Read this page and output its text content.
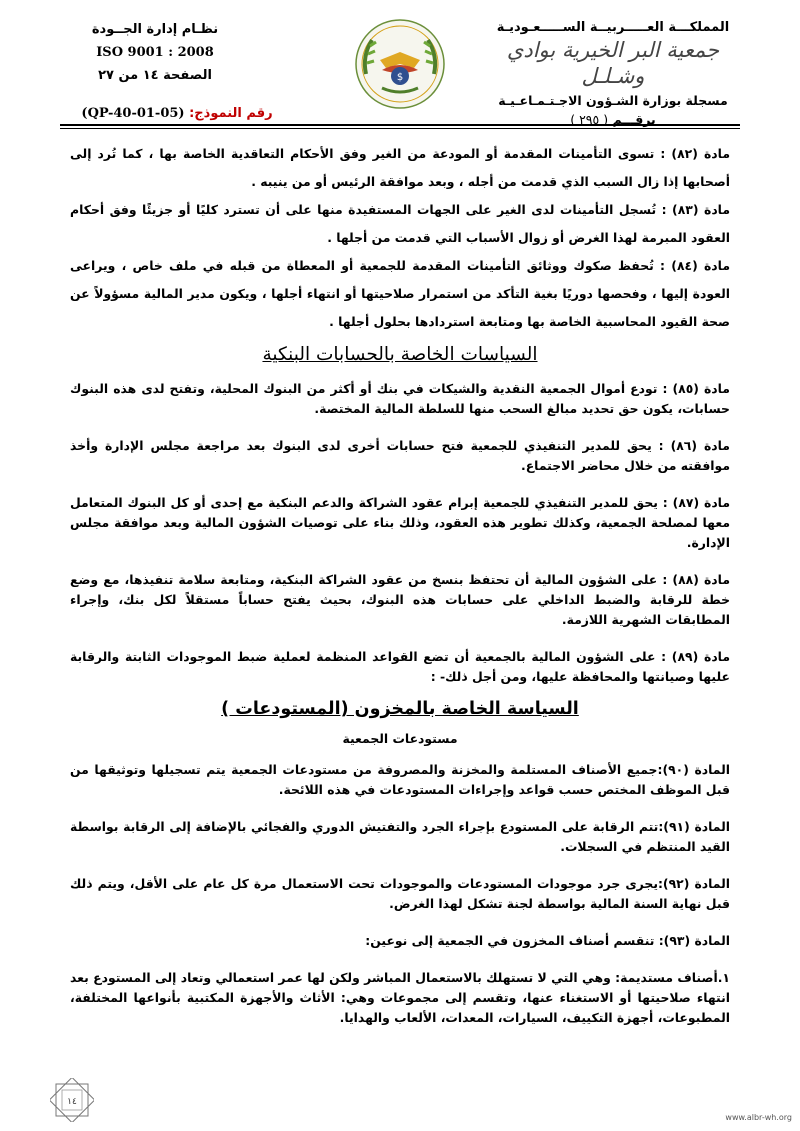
المملكـــة العـــــربيــة الســـــعـوديـة
جمعية البر الخيرية بوادي وشـلـل
مسجلة بوزارة الشـؤون الاجـتـمـاعـيـة
برقـــم ( ٢٩٥ )
$
نظـام إدارة الجــودة
ISO 9001 : 2008
الصفحة ١٤ من ٢٧
رقم النموذج: (QP-40-01-05)

مادة (٨٢) : تسوى التأمينات المقدمة أو المودعة من الغير وفق الأحكام التعاقدية الخاصة بها ، كما تُرد إلى أصحابها إذا زال السبب الذي قدمت من أجله ، وبعد موافقة الرئيس أو من ينيبه .

مادة (٨٣) : تُسجل التأمينات لدى الغير على الجهات المستفيدة منها على أن تسترد كليًا أو جزيئًا وفق أحكام العقود المبرمة لهذا الغرض أو زوال الأسباب التي قدمت من أجلها .

مادة (٨٤) : تُحفظ صكوك ووثائق التأمينات المقدمة للجمعية أو المعطاة من قبله في ملف خاص ، ويراعى العودة إليها ، وفحصها دوريًا بغية التأكد من استمرار صلاحيتها أو انتهاء أجلها ، ويكون مدير المالية مسؤولاً عن صحة القيود المحاسبية الخاصة بها ومتابعة استردادها بحلول أجلها .

السياسات الخاصة بالحسابات البنكية

مادة (٨٥) : تودع أموال الجمعية النقدية والشيكات في بنك أو أكثر من البنوك المحلية، وتفتح لدى هذه البنوك حسابات، يكون حق تحديد مبالغ السحب منها للسلطة المالية المختصة.

مادة (٨٦) : يحق للمدير التنفيذي للجمعية فتح حسابات أخرى لدى البنوك بعد مراجعة مجلس الإدارة وأخذ موافقته من خلال محاضر الاجتماع.

مادة (٨٧) : يحق للمدير التنفيذي للجمعية إبرام عقود الشراكة والدعم البنكية مع إحدى أو كل البنوك المتعامل معها لمصلحة الجمعية، وكذلك تطوير هذه العقود، وذلك بناء على توصيات الشؤون المالية وبعد موافقة مجلس الإدارة.

مادة (٨٨) : على الشؤون المالية أن تحتفظ بنسخ من عقود الشراكة البنكية، ومتابعة سلامة تنفيذها، مع وضع خطة للرقابة والضبط الداخلي على حسابات هذه البنوك، بحيث يفتح حساباً مستقلاً لكل بنك، وإجراء المطابقات الشهرية اللازمة.

مادة (٨٩) : على الشؤون المالية بالجمعية أن تضع القواعد المنظمة لعملية ضبط الموجودات الثابتة والرقابة عليها وصيانتها والمحافظة عليها، ومن أجل ذلك- :

السياسة الخاصة بالمخزون (المستودعات )

مستودعات الجمعية

المادة (٩٠):جميع الأصناف المستلمة والمخزنة والمصروفة من مستودعات الجمعية يتم تسجيلها وتوثيقها من قبل الموظف المختص حسب قواعد وإجراءات المستودعات في هذه اللائحة.

المادة (٩١):تتم الرقابة على المستودع بإجراء الجرد والتفتيش الدوري والفجائي بالإضافة إلى الرقابة بواسطة القيد المنتظم في السجلات.

المادة (٩٢):يجرى جرد موجودات المستودعات والموجودات تحت الاستعمال مرة كل عام على الأقل، ويتم ذلك قبل نهاية السنة المالية بواسطة لجنة تشكل لهذا الغرض.

المادة (٩٣): تنقسم أصناف المخزون في الجمعية إلى نوعين:

١.أصناف مستديمة: وهي التي لا تستهلك بالاستعمال المباشر ولكن لها عمر استعمالي وتعاد إلى المستودع بعد انتهاء صلاحيتها أو الاستغناء عنها، وتقسم إلى مجموعات وهي: الأثاث والأجهزة المكتبية بأنواعها المختلفة، المطبوعات، أجهزة التكييف، السيارات، المعدات، الألعاب والهدايا.

١٤
www.albr-wh.org
